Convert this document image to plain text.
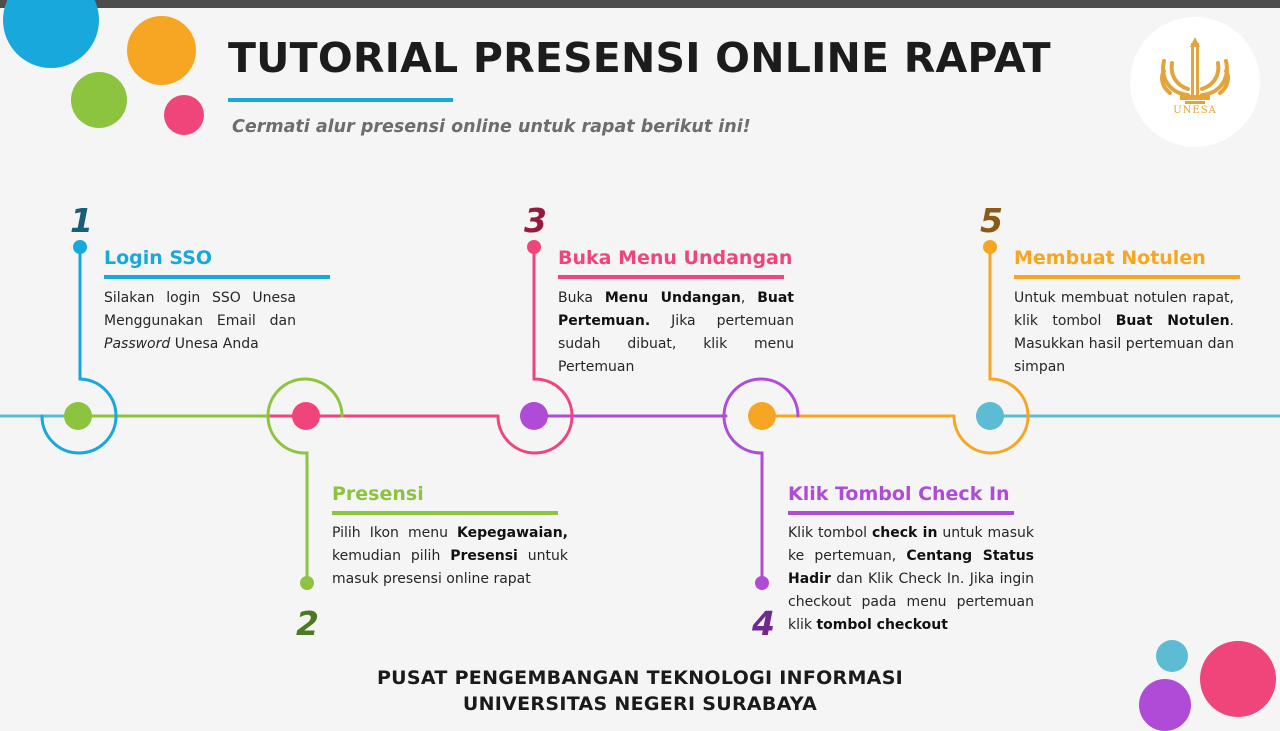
TUTORIAL PRESENSI ONLINE RAPAT

Cermati alur presensi online untuk rapat berikut ini!

UNESA
1
Login SSO

Silakan login SSO Unesa Menggunakan Email dan Password Unesa Anda

2
Presensi

Pilih Ikon menu Kepegawaian, kemudian pilih Presensi untuk masuk presensi online rapat

3
Buka Menu Undangan

Buka Menu Undangan, Buat Pertemuan. Jika pertemuan sudah dibuat, klik menu Pertemuan

4
Klik Tombol Check In

Klik tombol check in untuk masuk ke pertemuan, Centang Status Hadir dan Klik Check In. Jika ingin checkout pada menu pertemuan klik tombol checkout

5
Membuat Notulen

Untuk membuat notulen rapat, klik tombol Buat Notulen. Masukkan hasil pertemuan dan simpan

PUSAT PENGEMBANGAN TEKNOLOGI INFORMASI
UNIVERSITAS NEGERI SURABAYA
